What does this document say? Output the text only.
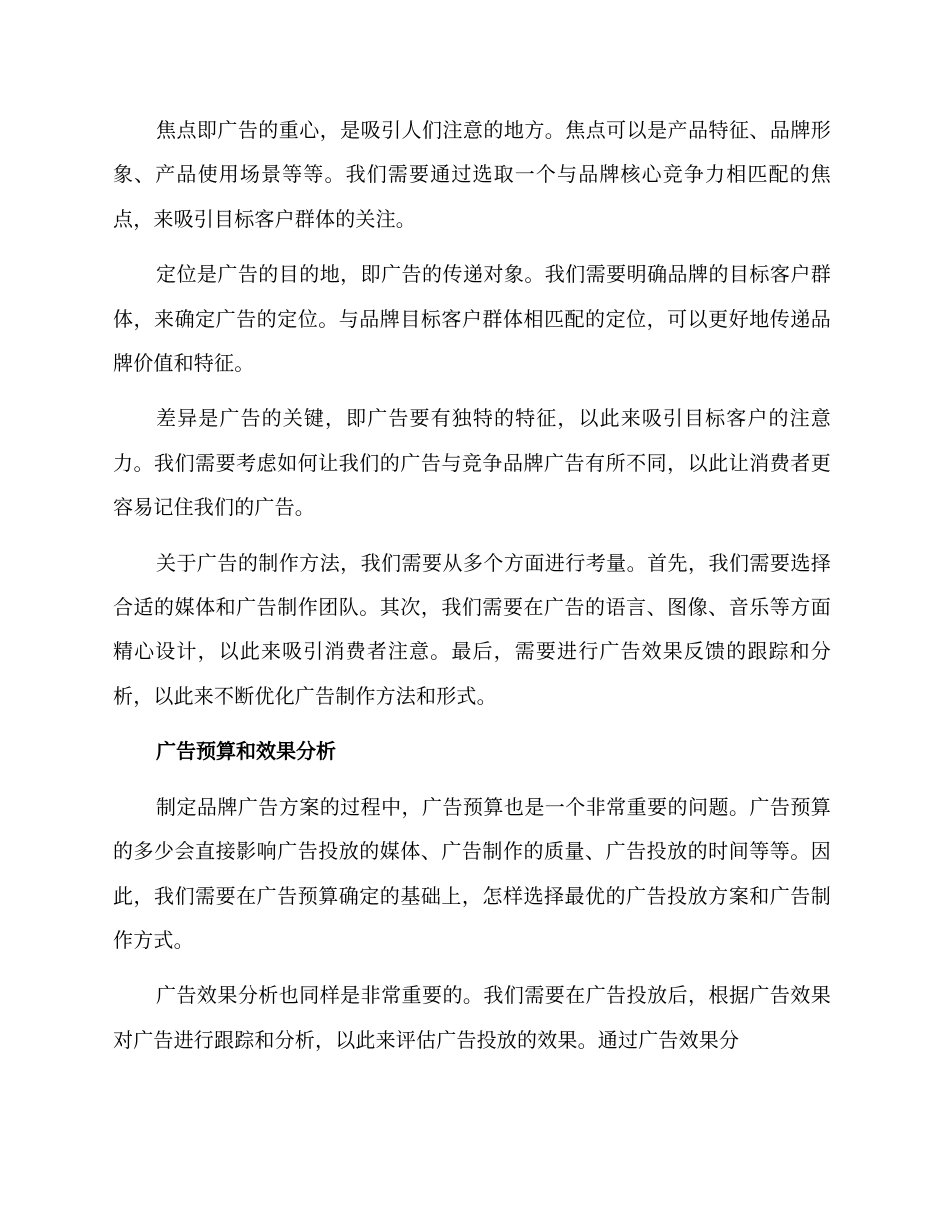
焦点即广告的重心，是吸引人们注意的地方。焦点可以是产品特征、品牌形象、产品使用场景等等。我们需要通过选取一个与品牌核心竞争力相匹配的焦点，来吸引目标客户群体的关注。

定位是广告的目的地，即广告的传递对象。我们需要明确品牌的目标客户群体，来确定广告的定位。与品牌目标客户群体相匹配的定位，可以更好地传递品牌价值和特征。

差异是广告的关键，即广告要有独特的特征，以此来吸引目标客户的注意力。我们需要考虑如何让我们的广告与竞争品牌广告有所不同，以此让消费者更容易记住我们的广告。

关于广告的制作方法，我们需要从多个方面进行考量。首先，我们需要选择合适的媒体和广告制作团队。其次，我们需要在广告的语言、图像、音乐等方面精心设计，以此来吸引消费者注意。最后，需要进行广告效果反馈的跟踪和分析，以此来不断优化广告制作方法和形式。

广告预算和效果分析

制定品牌广告方案的过程中，广告预算也是一个非常重要的问题。广告预算的多少会直接影响广告投放的媒体、广告制作的质量、广告投放的时间等等。因此，我们需要在广告预算确定的基础上，怎样选择最优的广告投放方案和广告制作方式。

广告效果分析也同样是非常重要的。我们需要在广告投放后，根据广告效果对广告进行跟踪和分析，以此来评估广告投放的效果。通过广告效果分
